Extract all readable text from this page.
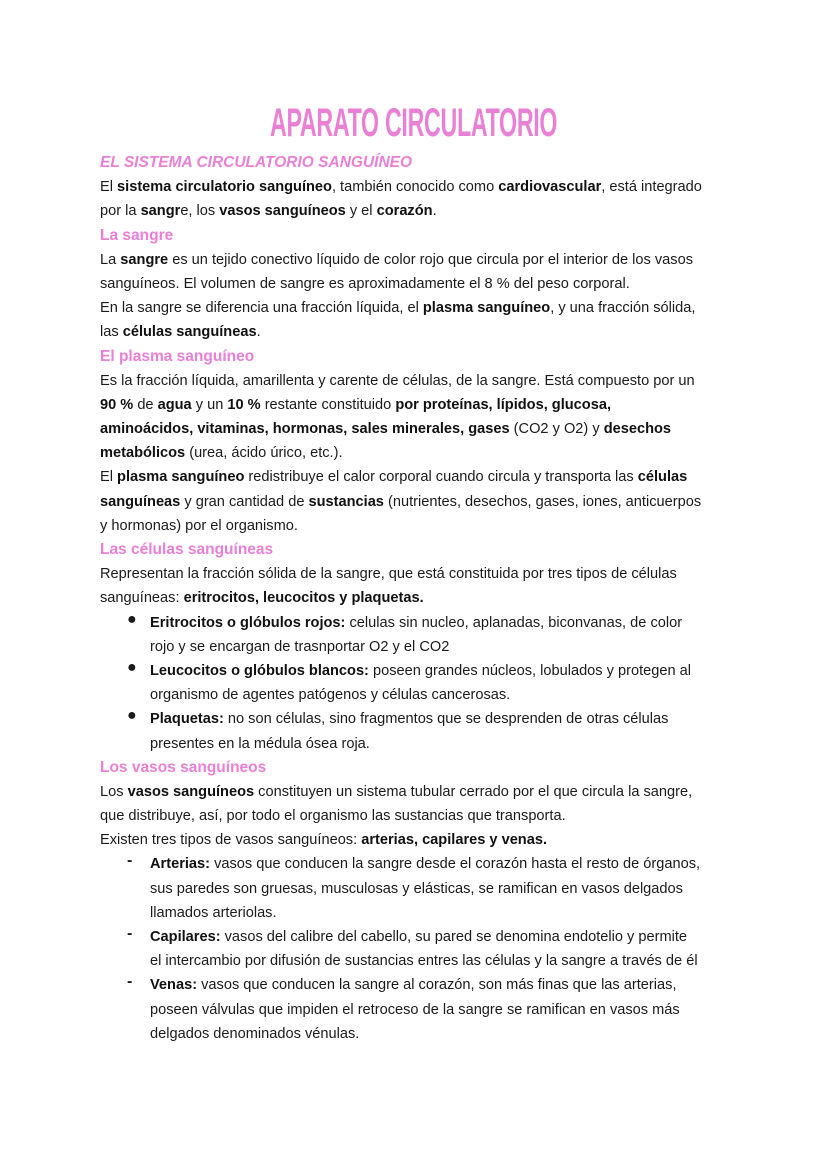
APARATO CIRCULATORIO
EL SISTEMA CIRCULATORIO SANGUÍNEO
El sistema circulatorio sanguíneo, también conocido como cardiovascular, está integrado
por la sangre, los vasos sanguíneos y el corazón.
La sangre
La sangre es un tejido conectivo líquido de color rojo que circula por el interior de los vasos
sanguíneos. El volumen de sangre es aproximadamente el 8 % del peso corporal.
En la sangre se diferencia una fracción líquida, el plasma sanguíneo, y una fracción sólida,
las células sanguíneas.
El plasma sanguíneo
Es la fracción líquida, amarillenta y carente de células, de la sangre. Está compuesto por un
90 % de agua y un 10 % restante constituido por proteínas, lípidos, glucosa,
aminoácidos, vitaminas, hormonas, sales minerales, gases (CO2 y O2) y desechos
metabólicos (urea, ácido úrico, etc.).
El plasma sanguíneo redistribuye el calor corporal cuando circula y transporta las células
sanguíneas y gran cantidad de sustancias (nutrientes, desechos, gases, iones, anticuerpos
y hormonas) por el organismo.
Las células sanguíneas
Representan la fracción sólida de la sangre, que está constituida por tres tipos de células
sanguíneas: eritrocitos, leucocitos y plaquetas.
● Eritrocitos o glóbulos rojos: celulas sin nucleo, aplanadas, biconvanas, de color
rojo y se encargan de trasnportar O2 y el CO2
● Leucocitos o glóbulos blancos: poseen grandes núcleos, lobulados y protegen al
organismo de agentes patógenos y células cancerosas.
● Plaquetas: no son células, sino fragmentos que se desprenden de otras células
presentes en la médula ósea roja.
Los vasos sanguíneos
Los vasos sanguíneos constituyen un sistema tubular cerrado por el que circula la sangre,
que distribuye, así, por todo el organismo las sustancias que transporta.
Existen tres tipos de vasos sanguíneos: arterias, capilares y venas.
- Arterias: vasos que conducen la sangre desde el corazón hasta el resto de órganos,
sus paredes son gruesas, musculosas y elásticas, se ramifican en vasos delgados
llamados arteriolas.
- Capilares: vasos del calibre del cabello, su pared se denomina endotelio y permite
el intercambio por difusión de sustancias entres las células y la sangre a través de él
- Venas: vasos que conducen la sangre al corazón, son más finas que las arterias,
poseen válvulas que impiden el retroceso de la sangre se ramifican en vasos más
delgados denominados vénulas.
